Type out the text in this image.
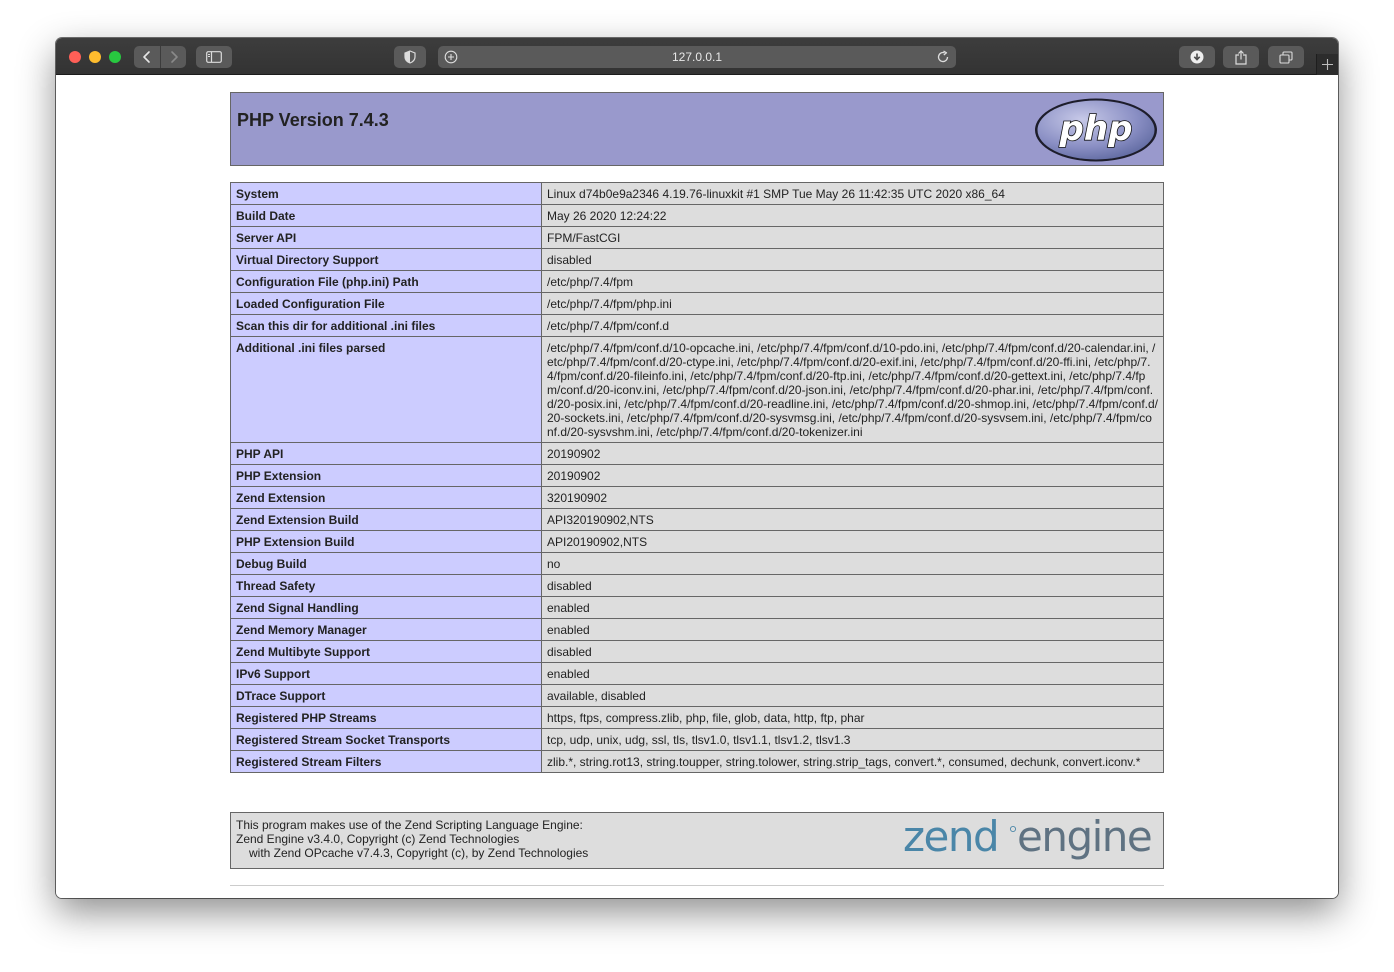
127.0.0.1
PHP Version 7.4.3	php
System	Linux d74b0e9a2346 4.19.76-linuxkit #1 SMP Tue May 26 11:42:35 UTC 2020 x86_64
Build Date	May 26 2020 12:24:22
Server API	FPM/FastCGI
Virtual Directory Support	disabled
Configuration File (php.ini) Path	/etc/php/7.4/fpm
Loaded Configuration File	/etc/php/7.4/fpm/php.ini
Scan this dir for additional .ini files	/etc/php/7.4/fpm/conf.d
Additional .ini files parsed	/etc/php/7.4/fpm/conf.d/10-opcache.ini, /etc/php/7.4/fpm/conf.d/10-pdo.ini, /etc/php/7.4/fpm/conf.d/20-calendar.ini, /etc/php/7.4/fpm/conf.d/20-ctype.ini, /etc/php/7.4/fpm/conf.d/20-exif.ini, /etc/php/7.4/fpm/conf.d/20-ffi.ini, /etc/php/7.4/fpm/conf.d/20-fileinfo.ini, /etc/php/7.4/fpm/conf.d/20-ftp.ini, /etc/php/7.4/fpm/conf.d/20-gettext.ini, /etc/php/7.4/fpm/conf.d/20-iconv.ini, /etc/php/7.4/fpm/conf.d/20-json.ini, /etc/php/7.4/fpm/conf.d/20-phar.ini, /etc/php/7.4/fpm/conf.d/20-posix.ini, /etc/php/7.4/fpm/conf.d/20-readline.ini, /etc/php/7.4/fpm/conf.d/20-shmop.ini, /etc/php/7.4/fpm/conf.d/20-sockets.ini, /etc/php/7.4/fpm/conf.d/20-sysvmsg.ini, /etc/php/7.4/fpm/conf.d/20-sysvsem.ini, /etc/php/7.4/fpm/conf.d/20-sysvshm.ini, /etc/php/7.4/fpm/conf.d/20-tokenizer.ini
PHP API	20190902
PHP Extension	20190902
Zend Extension	320190902
Zend Extension Build	API320190902,NTS
PHP Extension Build	API20190902,NTS
Debug Build	no
Thread Safety	disabled
Zend Signal Handling	enabled
Zend Memory Manager	enabled
Zend Multibyte Support	disabled
IPv6 Support	enabled
DTrace Support	available, disabled
Registered PHP Streams	https, ftps, compress.zlib, php, file, glob, data, http, ftp, phar
Registered Stream Socket Transports	tcp, udp, unix, udg, ssl, tls, tlsv1.0, tlsv1.1, tlsv1.2, tlsv1.3
Registered Stream Filters	zlib.*, string.rot13, string.toupper, string.tolower, string.strip_tags, convert.*, consumed, dechunk, convert.iconv.*
This program makes use of the Zend Scripting Language Engine:
Zend Engine v3.4.0, Copyright (c) Zend Technologies
with Zend OPcache v7.4.3, Copyright (c), by Zend Technologies	zend engine
